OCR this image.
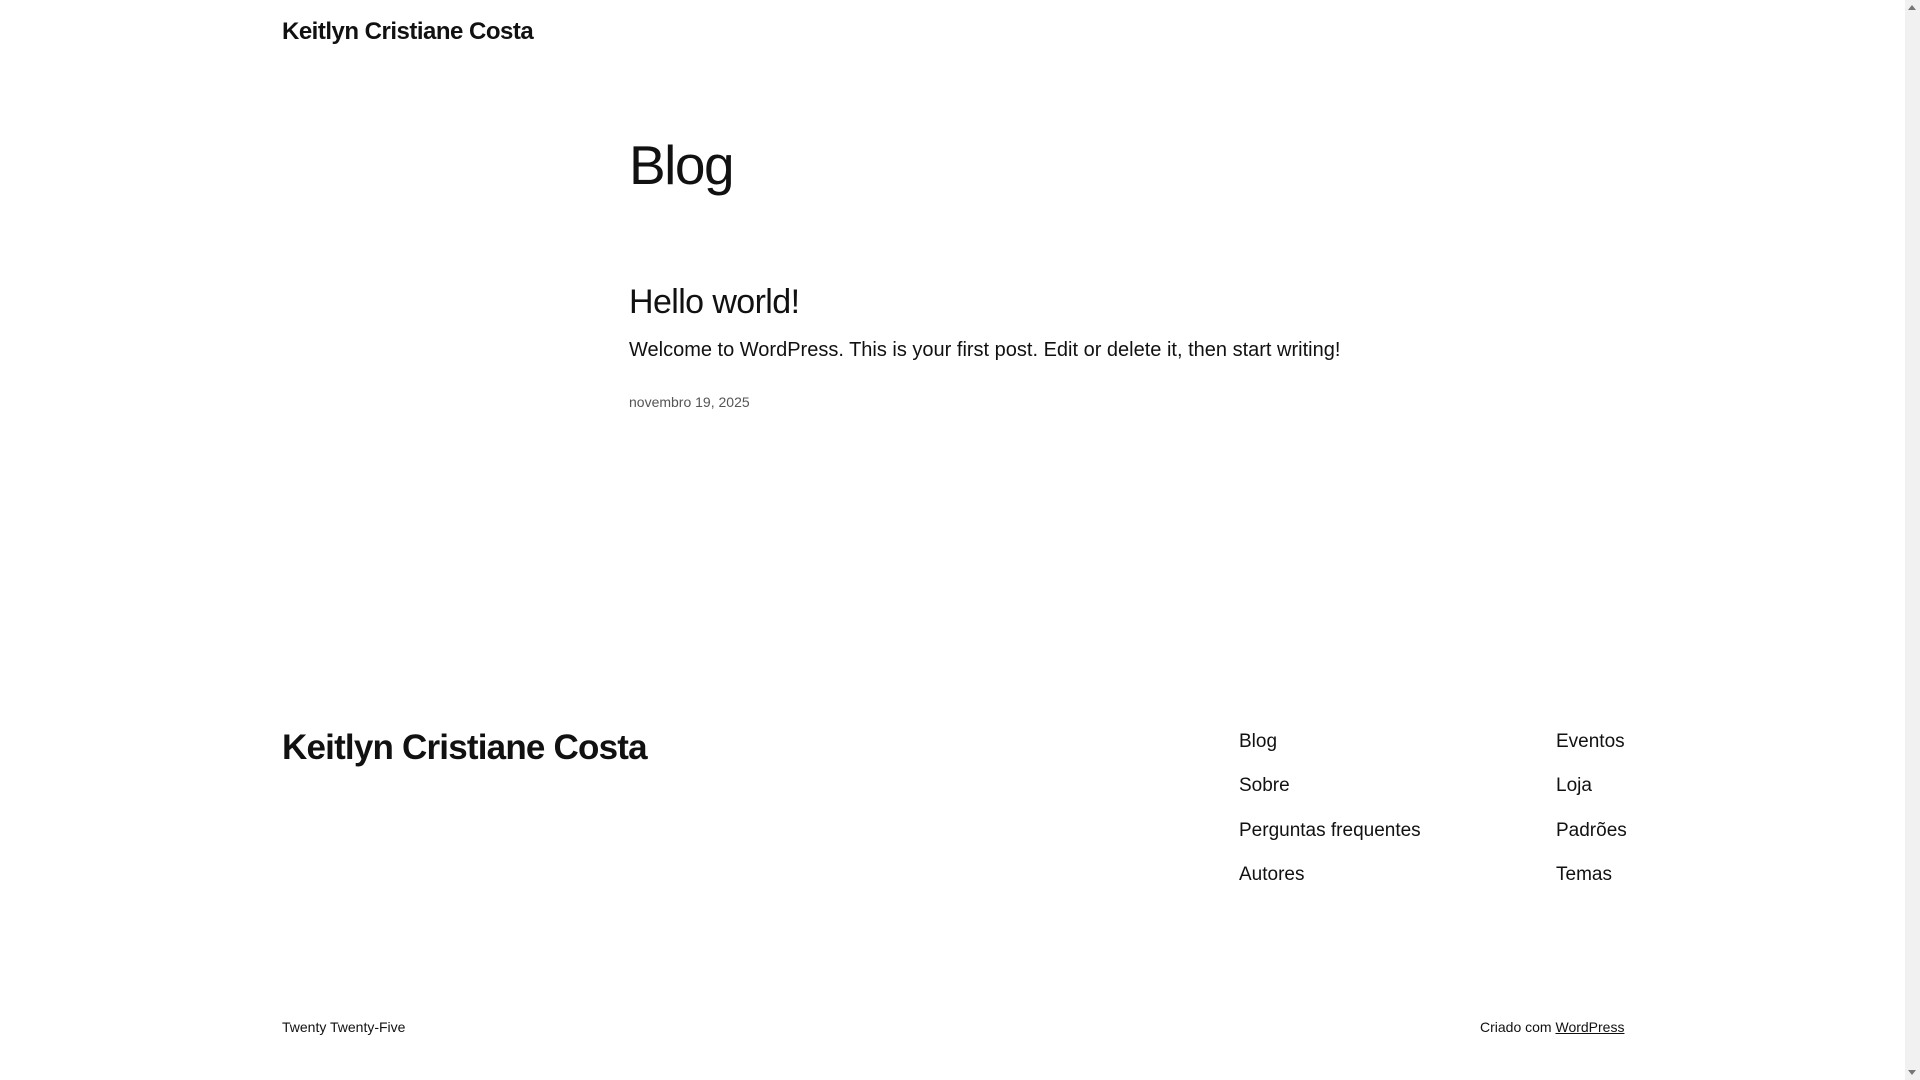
Keitlyn Cristiane Costa
Blog
Hello world!

Welcome to WordPress. This is your first post. Edit or delete it, then start writing!

novembro 19, 2025
Keitlyn Cristiane Costa	Blog
Sobre
Perguntas frequentes
Autores
Eventos
Loja
Padrões
Temas
Twenty Twenty-Five	Criado com WordPress
